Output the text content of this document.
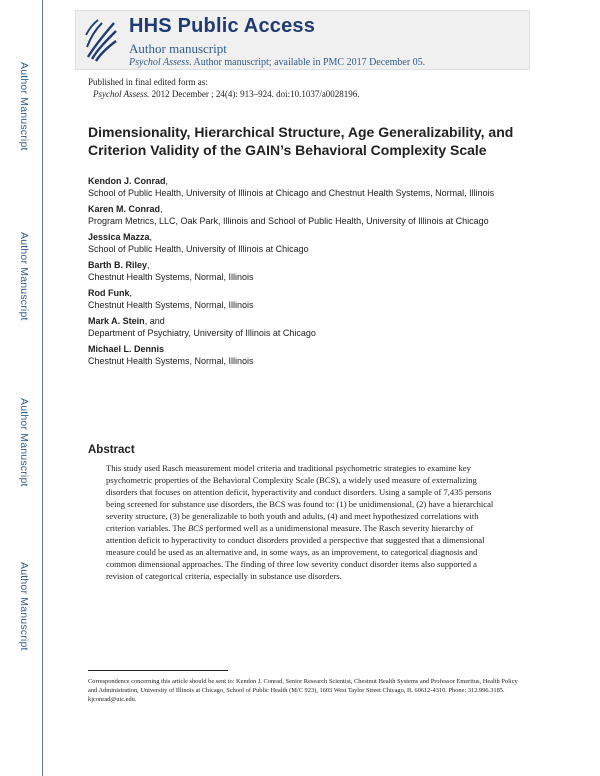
Author Manuscript
Author Manuscript
Author Manuscript
Author Manuscript
HHS Public Access
Author manuscript
Psychol Assess. Author manuscript; available in PMC 2017 December 05.
Published in final edited form as:
Psychol Assess. 2012 December ; 24(4): 913–924. doi:10.1037/a0028196.
Dimensionality, Hierarchical Structure, Age Generalizability, and Criterion Validity of the GAIN’s Behavioral Complexity Scale
Kendon J. Conrad,
School of Public Health, University of Illinois at Chicago and Chestnut Health Systems, Normal, Illinois
Karen M. Conrad,
Program Metrics, LLC, Oak Park, Illinois and School of Public Health, University of Illinois at Chicago
Jessica Mazza,
School of Public Health, University of Illinois at Chicago
Barth B. Riley,
Chestnut Health Systems, Normal, Illinois
Rod Funk,
Chestnut Health Systems, Normal, Illinois
Mark A. Stein, and
Department of Psychiatry, University of Illinois at Chicago
Michael L. Dennis
Chestnut Health Systems, Normal, Illinois
Abstract
This study used Rasch measurement model criteria and traditional psychometric strategies to examine key psychometric properties of the Behavioral Complexity Scale (BCS), a widely used measure of externalizing disorders that focuses on attention deficit, hyperactivity and conduct disorders. Using a sample of 7,435 persons being screened for substance use disorders, the BCS was found to: (1) be unidimensional, (2) have a hierarchical severity structure, (3) be generalizable to both youth and adults, (4) and meet hypothesized correlations with criterion variables. The BCS performed well as a unidimensional measure. The Rasch severity hierarchy of attention deficit to hyperactivity to conduct disorders provided a perspective that suggested that a dimensional measure could be used as an alternative and, in some ways, as an improvement, to categorical diagnosis and common dimensional approaches. The finding of three low severity conduct disorder items also supported a revision of categorical criteria, especially in substance use disorders.
Correspondence concerning this article should be sent to: Kendon J. Conrad, Senior Research Scientist, Chestnut Health Systems and Professor Emeritus, Health Policy and Administration, University of Illinois at Chicago, School of Public Health (M/C 923), 1603 West Taylor Street Chicago, IL 60612-4310. Phone: 312.996.3185. kjconrad@uic.edu.
